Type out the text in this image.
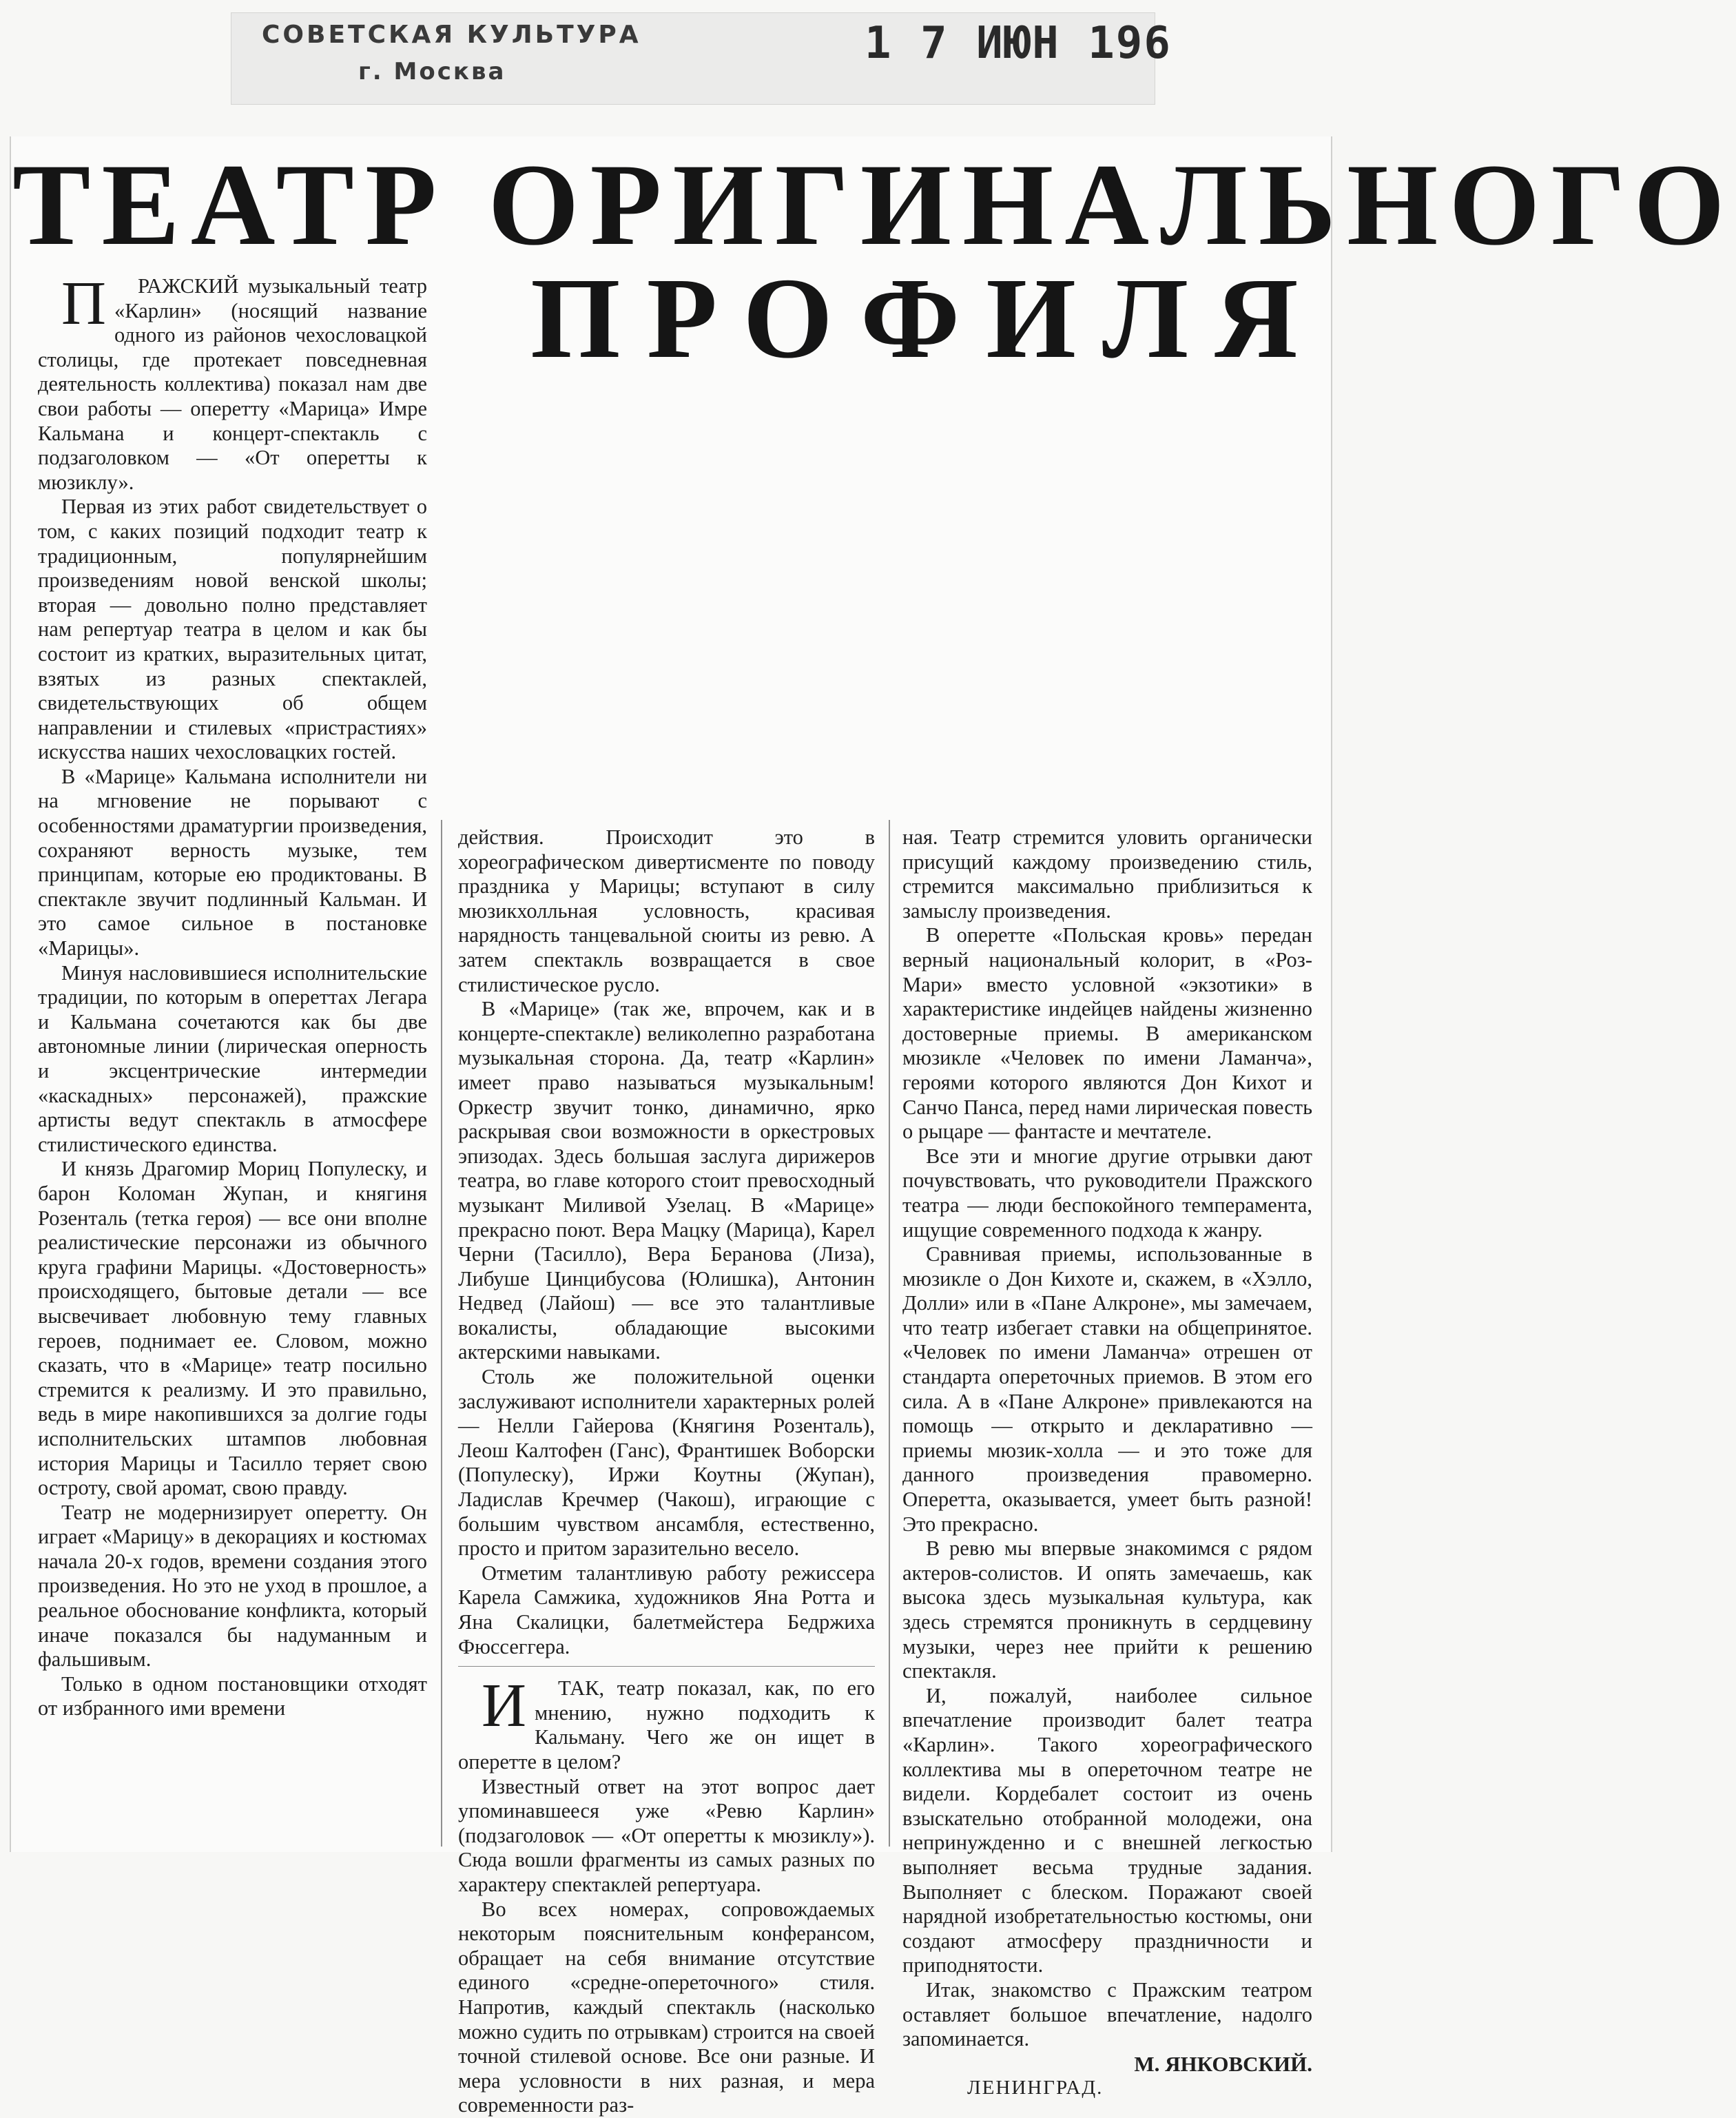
СОВЕТСКАЯ КУЛЬТУРА
г. Москва
1 7 ИЮН 196
ТЕАТР ОРИГИНАЛЬНОГО
ПРОФИЛЯ

П РАЖСКИЙ музыкальный театр «Карлин» (носящий название одного из районов чехословацкой столицы, где протекает повседневная деятельность коллектива) показал нам две свои работы — оперетту «Марица» Имре Кальмана и концерт-спектакль с подзаголовком — «От оперетты к мюзиклу».

Первая из этих работ свидетельствует о том, с каких позиций подходит театр к традиционным, популярнейшим произведениям новой венской школы; вторая — довольно полно представляет нам репертуар театра в целом и как бы состоит из кратких, выразительных цитат, взятых из разных спектаклей, свидетельствующих об общем направлении и стилевых «пристрастиях» искусства наших чехословацких гостей.

В «Марице» Кальмана исполнители ни на мгновение не порывают с особенностями драматургии произведения, сохраняют верность музыке, тем принципам, которые ею продиктованы. В спектакле звучит подлинный Кальман. И это самое сильное в постановке «Марицы».

Минуя насловившиеся исполнительские традиции, по которым в опереттах Легара и Кальмана сочетаются как бы две автономные линии (лирическая оперность и эксцентрические интермедии «каскадных» персонажей), пражские артисты ведут спектакль в атмосфере стилистического единства.

И князь Драгомир Мориц Популеску, и барон Коломан Жупан, и княгиня Розенталь (тетка героя) — все они вполне реалистические персонажи из обычного круга графини Марицы. «Достоверность» происходящего, бытовые детали — все высвечивает любовную тему главных героев, поднимает ее. Словом, можно сказать, что в «Марице» театр посильно стремится к реализму. И это правильно, ведь в мире накопившихся за долгие годы исполнительских штампов любовная история Марицы и Тасилло теряет свою остроту, свой аромат, свою правду.

Театр не модернизирует оперетту. Он играет «Марицу» в декорациях и костюмах начала 20-х годов, времени создания этого произведения. Но это не уход в прошлое, а реальное обоснование конфликта, который иначе показался бы надуманным и фальшивым.

Только в одном постановщики отходят от избранного ими времени

действия. Происходит это в хореографическом дивертисменте по поводу праздника у Марицы; вступают в силу мюзикхолльная условность, красивая нарядность танцевальной сюиты из ревю. А затем спектакль возвращается в свое стилистическое русло.

В «Марице» (так же, впрочем, как и в концерте-спектакле) великолепно разработана музыкальная сторона. Да, театр «Карлин» имеет право называться музыкальным! Оркестр звучит тонко, динамично, ярко раскрывая свои возможности в оркестровых эпизодах. Здесь большая заслуга дирижеров театра, во главе которого стоит превосходный музыкант Миливой Узелац. В «Марице» прекрасно поют. Вера Мацку (Марица), Карел Черни (Тасилло), Вера Беранова (Лиза), Либуше Цинцибусова (Юлишка), Антонин Недвед (Лайош) — все это талантливые вокалисты, обладающие высокими актерскими навыками.

Столь же положительной оценки заслуживают исполнители характерных ролей — Нелли Гайерова (Княгиня Розенталь), Леош Калтофен (Ганс), Франтишек Воборски (Популеску), Иржи Коутны (Жупан), Ладислав Кречмер (Чакош), играющие с большим чувством ансамбля, естественно, просто и притом заразительно весело.

Отметим талантливую работу режиссера Карела Самжика, художников Яна Ротта и Яна Скалицки, балетмейстера Бедржиха Фюссеггера.

И ТАК, театр показал, как, по его мнению, нужно подходить к Кальману. Чего же он ищет в оперетте в целом?

Известный ответ на этот вопрос дает упоминавшееся уже «Ревю Карлин» (подзаголовок — «От оперетты к мюзиклу»). Сюда вошли фрагменты из самых разных по характеру спектаклей репертуара.

Во всех номерах, сопровождаемых некоторым пояснительным конферансом, обращает на себя внимание отсутствие единого «средне-опереточного» стиля. Напротив, каждый спектакль (насколько можно судить по отрывкам) строится на своей точной стилевой основе. Все они разные. И мера условности в них разная, и мера современности раз-

ная. Театр стремится уловить органически присущий каждому произведению стиль, стремится максимально приблизиться к замыслу произведения.

В оперетте «Польская кровь» передан верный национальный колорит, в «Роз-Мари» вместо условной «экзотики» в характеристике индейцев найдены жизненно достоверные приемы. В американском мюзикле «Человек по имени Ламанча», героями которого являются Дон Кихот и Санчо Панса, перед нами лирическая повесть о рыцаре — фантасте и мечтателе.

Все эти и многие другие отрывки дают почувствовать, что руководители Пражского театра — люди беспокойного темперамента, ищущие современного подхода к жанру.

Сравнивая приемы, использованные в мюзикле о Дон Кихоте и, скажем, в «Хэлло, Долли» или в «Пане Алкроне», мы замечаем, что театр избегает ставки на общепринятое. «Человек по имени Ламанча» отрешен от стандарта опереточных приемов. В этом его сила. А в «Пане Алкроне» привлекаются на помощь — открыто и декларативно — приемы мюзик-холла — и это тоже для данного произведения правомерно. Оперетта, оказывается, умеет быть разной! Это прекрасно.

В ревю мы впервые знакомимся с рядом актеров-солистов. И опять замечаешь, как высока здесь музыкальная культура, как здесь стремятся проникнуть в сердцевину музыки, через нее прийти к решению спектакля.

И, пожалуй, наиболее сильное впечатление производит балет театра «Карлин». Такого хореографического коллектива мы в опереточном театре не видели. Кордебалет состоит из очень взыскательно отобранной молодежи, она непринужденно и с внешней легкостью выполняет весьма трудные задания. Выполняет с блеском. Поражают своей нарядной изобретательностью костюмы, они создают атмосферу праздничности и приподнятости.

Итак, знакомство с Пражским театром оставляет большое впечатление, надолго запоминается.

М. ЯНКОВСКИЙ.

ЛЕНИНГРАД.
